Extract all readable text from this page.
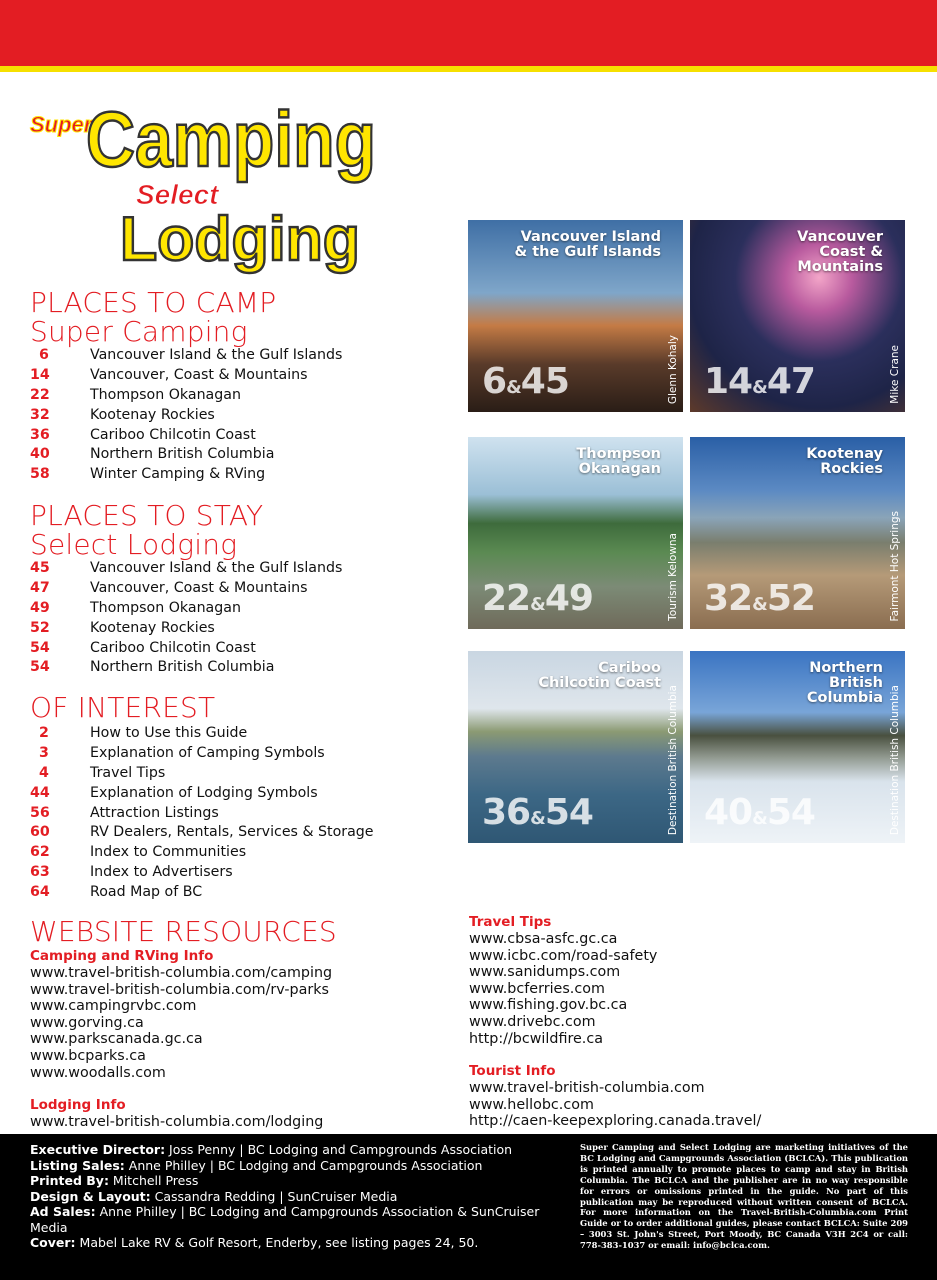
Super
Camping
Select
Lodging
PLACES TO CAMP
Super Camping
6	Vancouver Island & the Gulf Islands
14	Vancouver, Coast & Mountains
22	Thompson Okanagan
32	Kootenay Rockies
36	Cariboo Chilcotin Coast
40	Northern British Columbia
58	Winter Camping & RVing
PLACES TO STAY
Select Lodging
45	Vancouver Island & the Gulf Islands
47	Vancouver, Coast & Mountains
49	Thompson Okanagan
52	Kootenay Rockies
54	Cariboo Chilcotin Coast
54	Northern British Columbia
OF INTEREST
2	How to Use this Guide
3	Explanation of Camping Symbols
4	Travel Tips
44	Explanation of Lodging Symbols
56	Attraction Listings
60	RV Dealers, Rentals, Services & Storage
62	Index to Communities
63	Index to Advertisers
64	Road Map of BC
Vancouver Island
& the Gulf Islands
6&45	Glenn Kohaly
Vancouver
Coast &
Mountains
14&47	Mike Crane
Thompson
Okanagan
22&49	Tourism Kelowna
Kootenay
Rockies
32&52	Fairmont Hot Springs
Cariboo
Chilcotin Coast
36&54	Destination British Columbia
Northern
British
Columbia
40&54	Destination British Columbia
WEBSITE RESOURCES
Camping and RVing Info
www.travel-british-columbia.com/camping
www.travel-british-columbia.com/rv-parks
www.campingrvbc.com
www.gorving.ca
www.parkscanada.gc.ca
www.bcparks.ca
www.woodalls.com
Lodging Info
www.travel-british-columbia.com/lodging
Travel Tips
www.cbsa-asfc.gc.ca
www.icbc.com/road-safety
www.sanidumps.com
www.bcferries.com
www.fishing.gov.bc.ca
www.drivebc.com
http://bcwildfire.ca
Tourist Info
www.travel-british-columbia.com
www.hellobc.com
http://caen-keepexploring.canada.travel/
Executive Director: Joss Penny | BC Lodging and Campgrounds Association
Listing Sales: Anne Philley | BC Lodging and Campgrounds Association
Printed By: Mitchell Press
Design & Layout: Cassandra Redding | SunCruiser Media
Ad Sales: Anne Philley | BC Lodging and Campgrounds Association & SunCruiser Media
Cover: Mabel Lake RV & Golf Resort, Enderby, see listing pages 24, 50.
Super Camping and Select Lodging are marketing initiatives of the BC Lodging and Campgrounds Association (BCLCA). This publication is printed annually to promote places to camp and stay in British Columbia. The BCLCA and the publisher are in no way responsible for errors or omissions printed in the guide. No part of this publication may be reproduced without written consent of BCLCA. For more information on the Travel-British-Columbia.com Print Guide or to order additional guides, please contact BCLCA: Suite 209 – 3003 St. John's Street, Port Moody, BC Canada V3H 2C4 or call: 778-383-1037 or email: info@bclca.com.
